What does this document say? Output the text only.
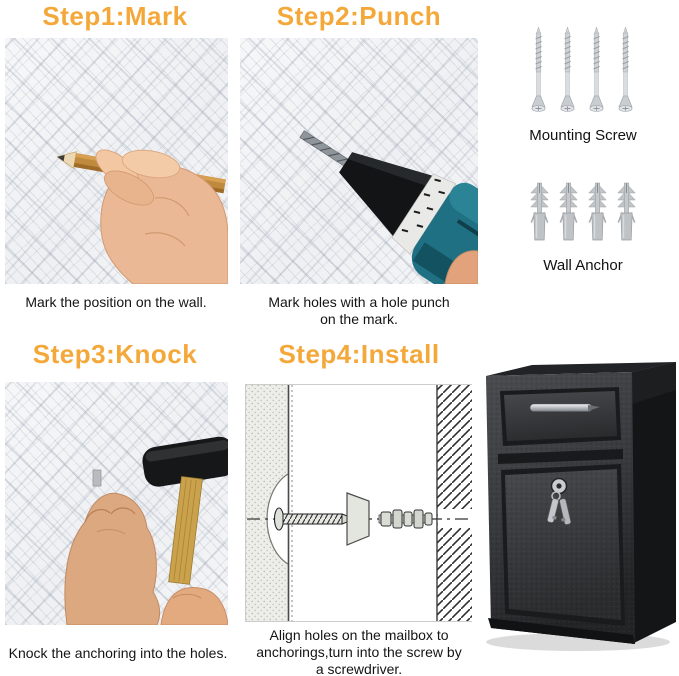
Step1:Mark

Mark the position on the wall.

Step2:Punch

Mark holes with a hole punch on the mark.

Mounting Screw

Wall Anchor

Step3:Knock

Knock the anchoring into the holes.

Step4:Install

Align holes on the mailbox to anchorings,turn into the screw by a screwdriver.
